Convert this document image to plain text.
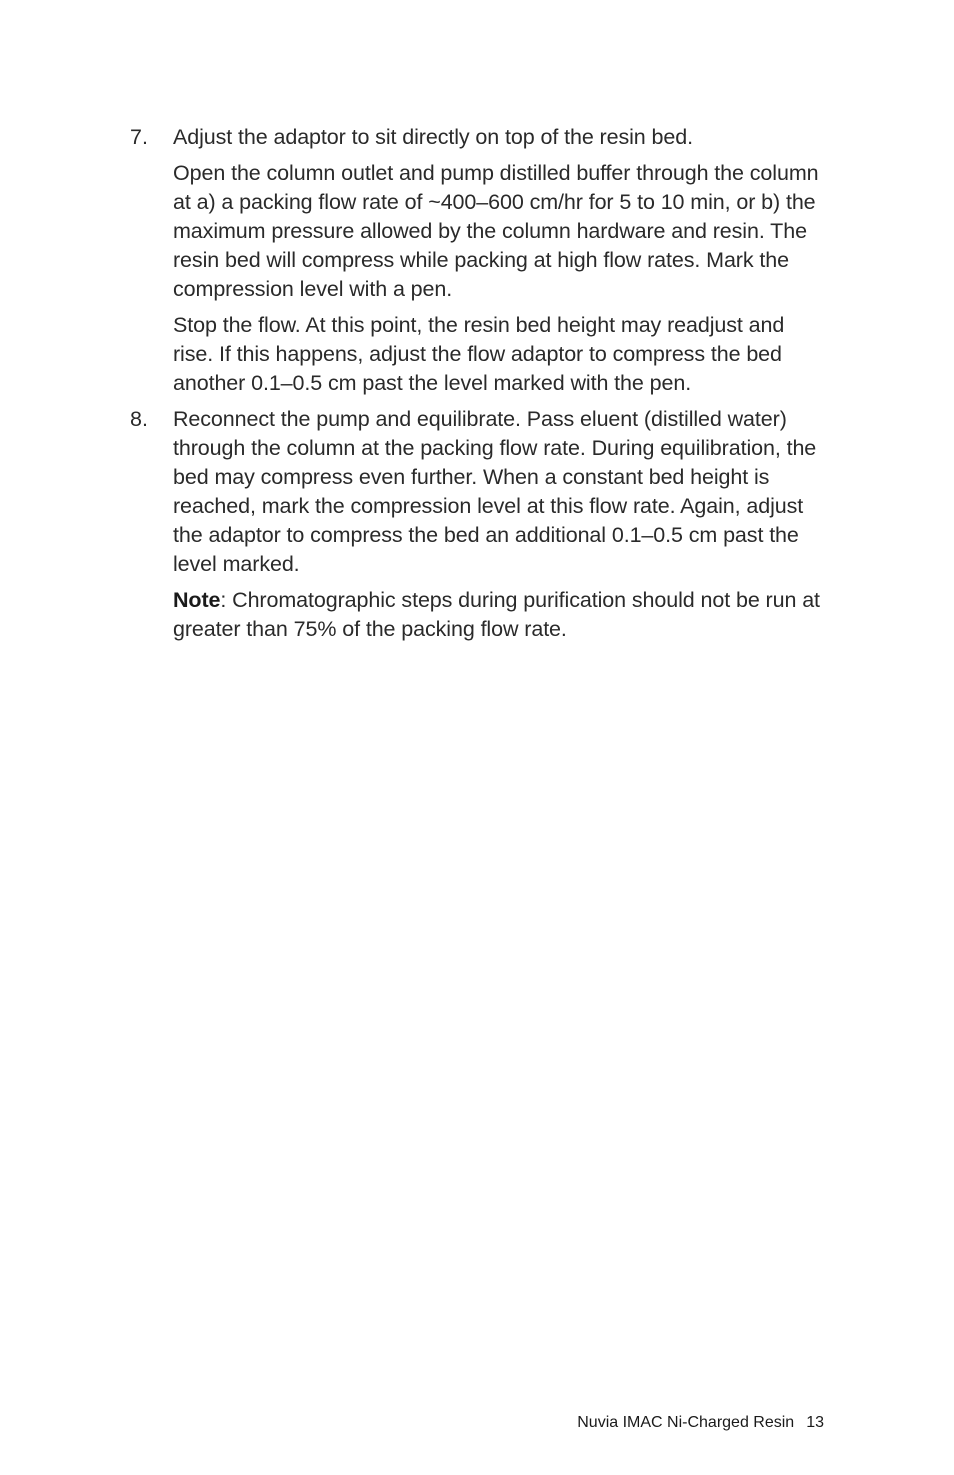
7. Adjust the adaptor to sit directly on top of the resin bed.

Open the column outlet and pump distilled buffer through the column at a) a packing flow rate of ~400–600 cm/hr for 5 to 10 min, or b) the maximum pressure allowed by the column hardware and resin. The resin bed will compress while packing at high flow rates. Mark the compression level with a pen.

Stop the flow. At this point, the resin bed height may readjust and rise. If this happens, adjust the flow adaptor to compress the bed another 0.1–0.5 cm past the level marked with the pen.

8. Reconnect the pump and equilibrate. Pass eluent (distilled water) through the column at the packing flow rate. During equilibration, the bed may compress even further. When a constant bed height is reached, mark the compression level at this flow rate. Again, adjust the adaptor to compress the bed an additional 0.1–0.5 cm past the level marked.

Note: Chromatographic steps during purification should not be run at greater than 75% of the packing flow rate.

Nuvia IMAC Ni-Charged Resin 13
